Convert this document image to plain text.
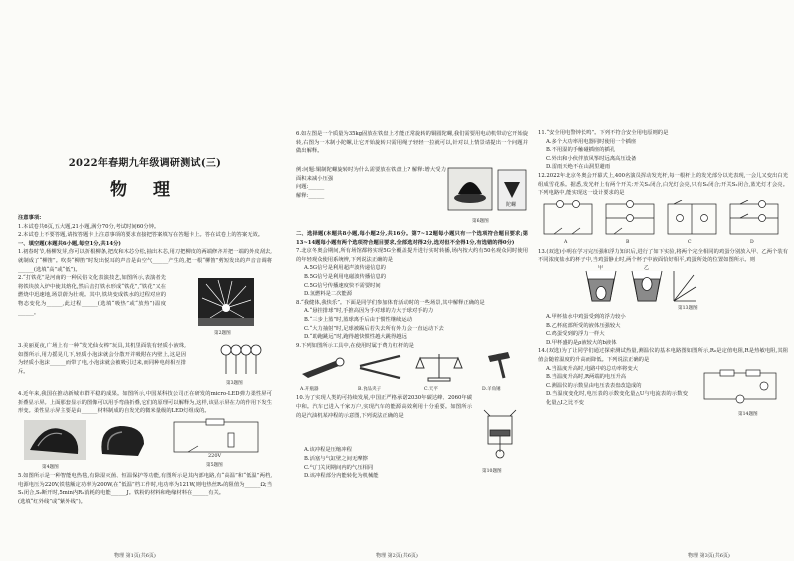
2022年春期九年级调研测试(三)
物 理

注意事项:

1.本试卷共6页,五大题,21小题,满分70分,考试时间60分钟。

2.本试卷上不要答题,请按答题卡上注意事项的要求直接把答案填写在答题卡上。答在试卷上的答案无效。

一、填空题(本题共6小题,每空1分,共14分)

1.初春时节,杨柳发芽,你可以折根柳条,把皮和木芯分松,抽出木芯,用刀把柳皮的两端修齐并把一端的外皮刮去,就制成了“柳笛”。吹奏“柳笛”时发出悦耳的声音是由空气______产生的,把一根“柳笛”剪短发出的声音音调将______(选填“高”或“低”)。

2.“打铁花”是河南的一种民俗文化表演技艺,如图所示,表演者先将铁块放入炉中使其熔化,然后击打铁水形成“铁花”,“铁花”又在燃烧中迅速地,场景蔚为壮观。其中,铁块变成铁水的过程对应的物态变化为______,此过程______(选填“吸热”或“放热”)温度______。

第2题图

3.美丽夏夜,广场上有一种“发光仙女棒”玩具,其机里面装有轻质小液珠,如图所示,用力摇晃几下,轻质小泡沫就会分散开并吸附在内壁上,这是因为轻质小泡沫______而带了电,小泡沫就会被吸引过来,而同种电荷相互排斥。

第3题图

4.近年来,我国在推动新城市群平稳的成果。如图所示,中国某科技公司正在研发的micro-LED弹力柔性屏可折叠显示屏。上面那套显示的图像可以用手弯曲折叠,它们的原理可以解释为,这样,该显示屏在力的作用下发生形变。柔性显示屏主要是由______材料制成的自发光的微米量级的LED灯组成的。

220V
第4题图	第5题图

5.如图所示是一种智能电热毯,有除湿灭菌、恒温保护等功能,有图所示是其内部电路,有“高温”和“低温”两档,电源电压为220V,铁毯额定功率为200W,在“低温”档工作时,电功率为121W,则电热丝R₂的阻值为______Ω;当S₁闭合,S₂断开时,5min内R₂消耗的电能______J。铁粉的材料和绝缘材料在______有关。

(选填“红外线”或“紫外线”)。

物理 第1页(共6页)

6.如左图是一个质量为35kg固放在铁盘上才能正常旋转的铜圆陀螺,我们需要用电动机带动它开始旋转,右图为一木制小陀螺,让它开始旋转只需用绳子轻轻一拉就可以,针对以上情景请提出一个问题并做出解释。

例:问题:铜制陀螺旋转时为什么需要放在铁盘上? 解释:增大受力面积来减小压强

问题:______

解释:______

陀螺
第6题图

二、选择题(本题共8小题,每小题2分,共16分。第7~12题每小题只有一个选项符合题目要求;第13~14题每小题有两个选项符合题目要求,全部选对得2分,选对但不全得1分,有选错的得0分)

7.北京冬奥会期间,所有场馆都将实现5G全覆盖提升进行实时转播,场内按大约有50名观众同时使用的年轻观众使用系统辨,下列说法正确的是

A.5G信号是利用超声波传递信息的

B.5G信号是利用电磁波传播信息的

C.5G信号传播速度快不需要时间

D.氢燃料是二次能源

8.“我健体,我快乐”。下面是同学们参加体育活动时的一些场景,其中解释正确的是

A.“悬挂排球”时,手推高因为手对球的力大于球对手的力

B.“三步上篮”时,篮球离手后由于惯性继续运动

C.“大力抽射”时,足球被踢后若失去所有外力会一直运动下去

D.“助跑跳远”时,跑得越快惯性越大跳得越远

9.下列如图所示工具中,在使用时属于费力杠杆的是

A.开瓶器	B.食品夹子	C.天平	D.羊角锤

10.为了实现人类的可持续发展,中国正严格承诺2030年碳达峰、2060年碳中和。汽车已进入千家万户,实现汽车的能源高效利用十分重要。如图所示的是汽油机某冲程的示意图,下列说法正确的是

A.该冲程是压缩冲程

B.活塞与气缸壁之间无摩擦

C.气门关闭期间内的气压相同

D.该冲程部分内能转化为机械能

第10题图
物理 第2页(共6页)

11.“安全用电警钟长鸣”。下列不符合安全用电原则的是

A.多个大功率用电器同时使用一个插座

B.不用湿的手触碰插座的插孔

C.外出和小伙伴放风筝时远离高压设备

D.雷雨天绝不在山洞里避雨

12.2022年北京冬奥会开幕式上,400名演员挥动发光杆,每一根杆上的发光部分以光表现,一会儿又变出白光组成雪花系。据悉,发光杆上有两个开关:开关S₁闭合,白光灯会亮,只有S₂闭合;开关S₂闭合,蓝光灯才会亮。下列电路中,能实现这一设计要求的是

A	B	C	D

13.(双选)小明在学习完压强和浮力知识后,进行了如下实验,将两个完全相同的鸡蛋分别放入甲、乙两个装有不同浓度盐水的杯子中,当鸡蛋静止时,两个杯子中液面恰好相平,鸡蛋所处的位置如图所示。则

甲	乙
第13题图

A.甲杯盐水中鸡蛋受到的浮力较小

B.乙杯底部所受的液体压强较大

C.鸡蛋受到的浮力一样大

D.甲杯盛的是ρ液较大的b液体

14.(双选)为了让同学们通过探索测试热量,测温仪的基本电路图如图所示,R₀是定值电阻,R是热敏电阻,其阻值会随着温度的升高而降低。下列说法正确的是

A.当温度升高时,电路中的总功率将变大

B.当温度升高时,R两端的电压升高

C.测温仪的示数显由电压表表盘改造成的

D.当温度变化时,电压表的示数变化量△U与电流表的示数变化量△I之比不变

第14题图
物理 第3页(共6页)
